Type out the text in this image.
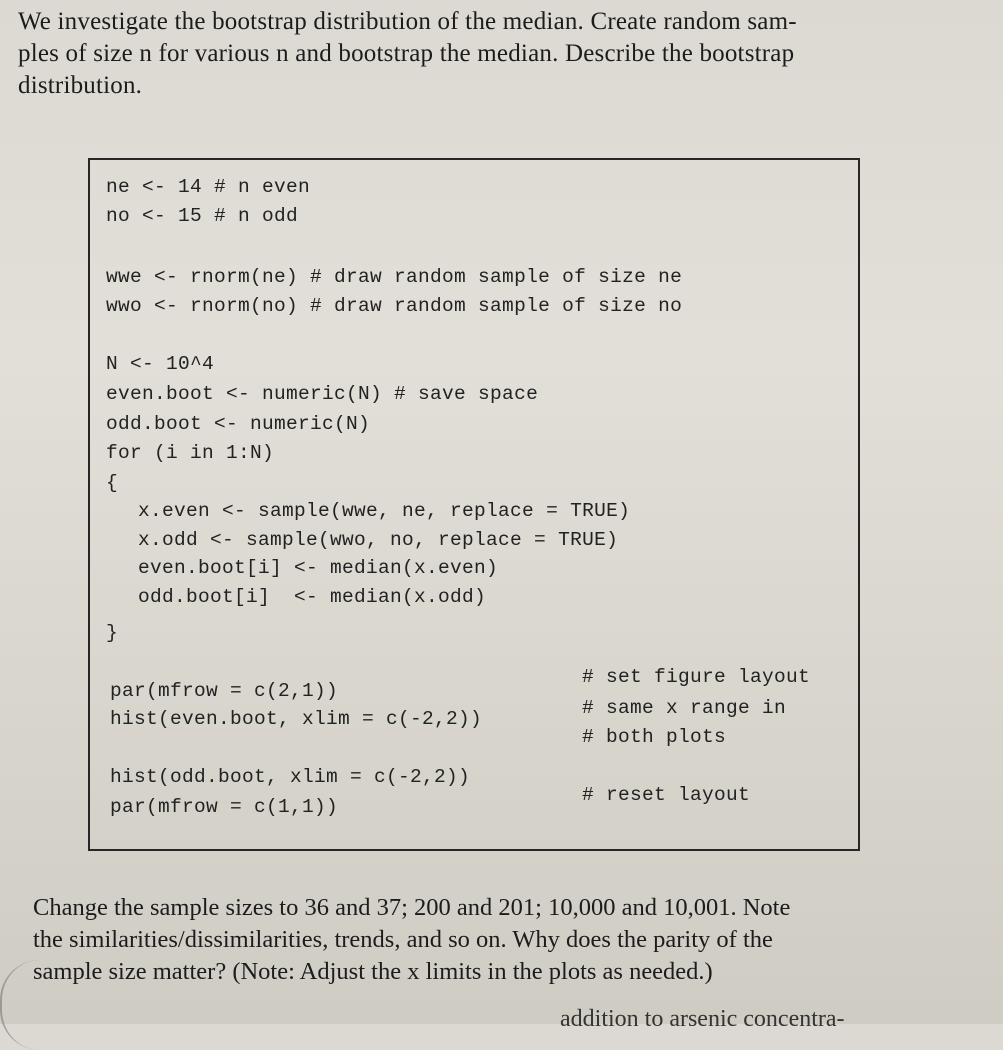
We investigate the bootstrap distribution of the median. Create random sam-
ples of size n for various n and bootstrap the median. Describe the bootstrap
distribution.
ne <- 14 # n even
no <- 15 # n odd
wwe <- rnorm(ne) # draw random sample of size ne
wwo <- rnorm(no) # draw random sample of size no
N <- 10^4
even.boot <- numeric(N) # save space
odd.boot <- numeric(N)
for (i in 1:N)
{
x.even <- sample(wwe, ne, replace = TRUE)
x.odd <- sample(wwo, no, replace = TRUE)
even.boot[i] <- median(x.even)
odd.boot[i]  <- median(x.odd)
}
par(mfrow = c(2,1))
hist(even.boot, xlim = c(-2,2))
hist(odd.boot, xlim = c(-2,2))
par(mfrow = c(1,1))
# set figure layout
# same x range in
# both plots
# reset layout
Change the sample sizes to 36 and 37; 200 and 201; 10,000 and 10,001. Note
the similarities/dissimilarities, trends, and so on. Why does the parity of the
sample size matter? (Note: Adjust the x limits in the plots as needed.)
addition to arsenic concentra-
